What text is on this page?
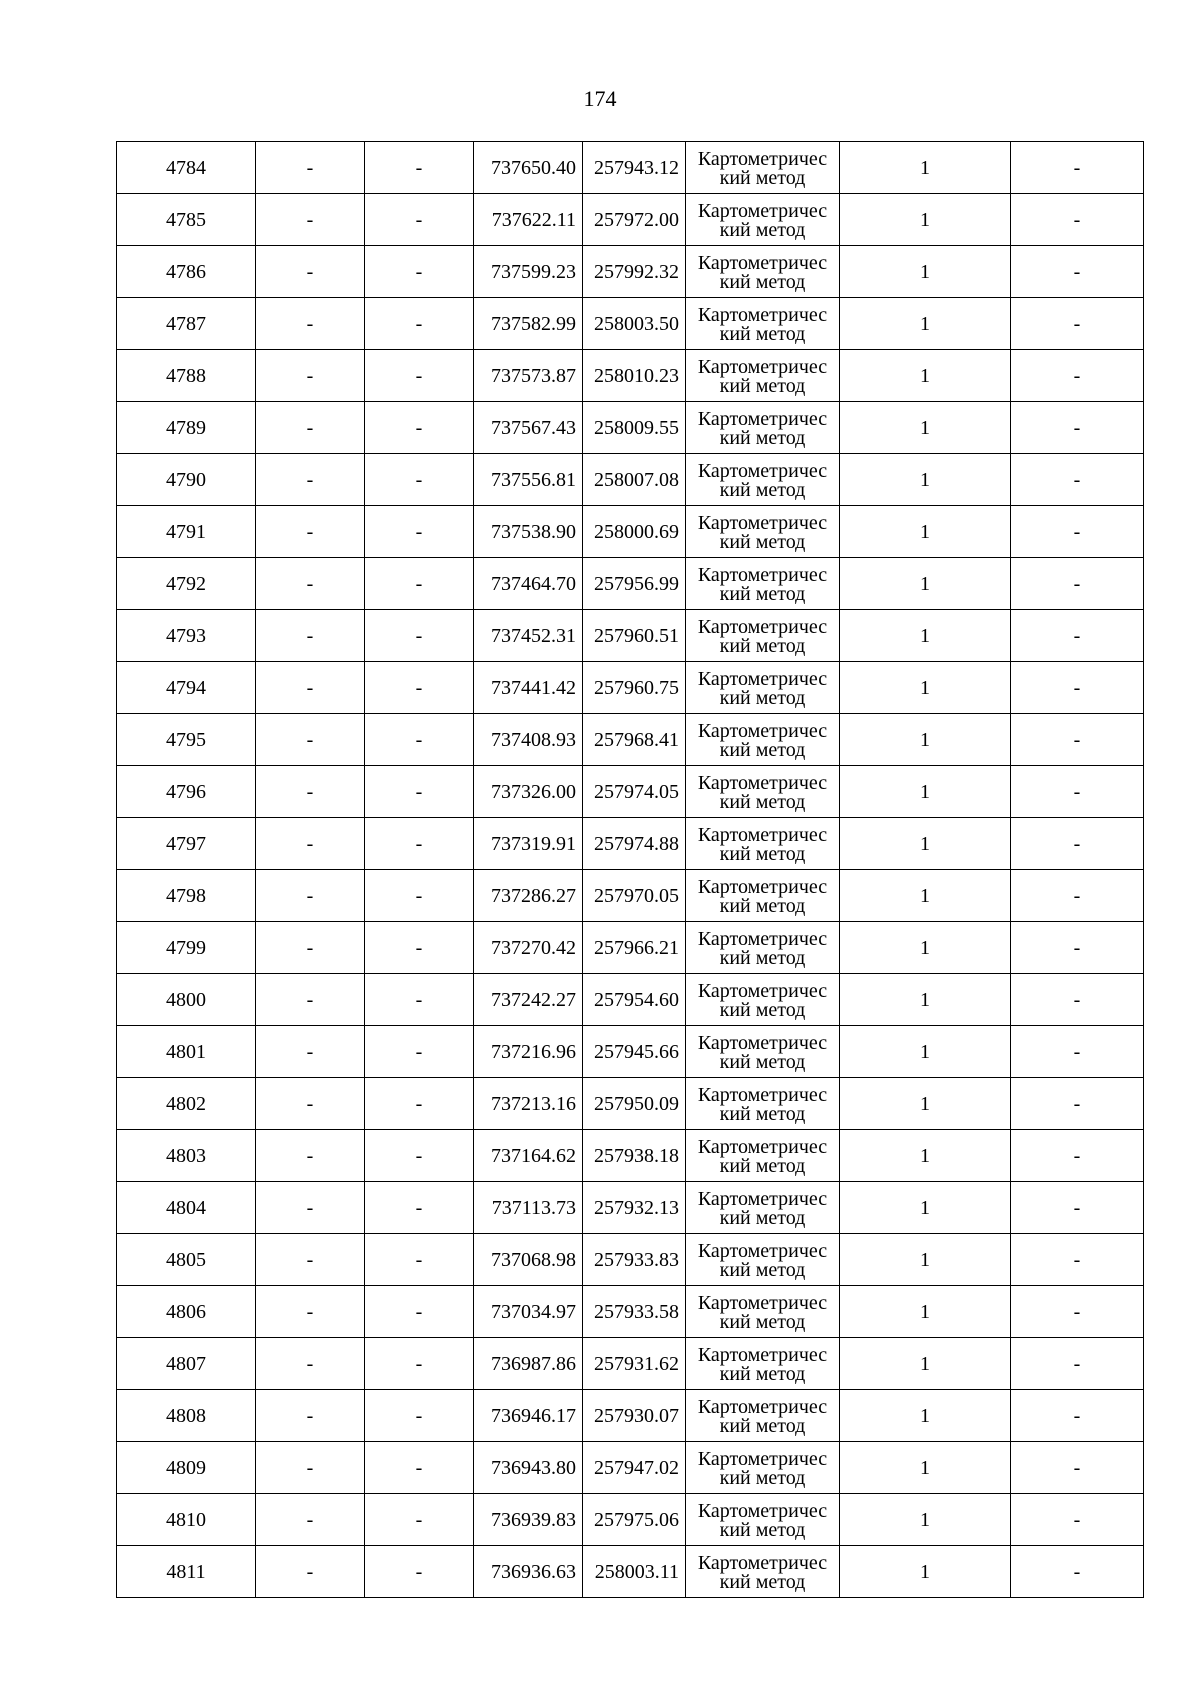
174
4784	-	-	737650.40	257943.12	Картометричес
кий метод	1	-
4785	-	-	737622.11	257972.00	Картометричес
кий метод	1	-
4786	-	-	737599.23	257992.32	Картометричес
кий метод	1	-
4787	-	-	737582.99	258003.50	Картометричес
кий метод	1	-
4788	-	-	737573.87	258010.23	Картометричес
кий метод	1	-
4789	-	-	737567.43	258009.55	Картометричес
кий метод	1	-
4790	-	-	737556.81	258007.08	Картометричес
кий метод	1	-
4791	-	-	737538.90	258000.69	Картометричес
кий метод	1	-
4792	-	-	737464.70	257956.99	Картометричес
кий метод	1	-
4793	-	-	737452.31	257960.51	Картометричес
кий метод	1	-
4794	-	-	737441.42	257960.75	Картометричес
кий метод	1	-
4795	-	-	737408.93	257968.41	Картометричес
кий метод	1	-
4796	-	-	737326.00	257974.05	Картометричес
кий метод	1	-
4797	-	-	737319.91	257974.88	Картометричес
кий метод	1	-
4798	-	-	737286.27	257970.05	Картометричес
кий метод	1	-
4799	-	-	737270.42	257966.21	Картометричес
кий метод	1	-
4800	-	-	737242.27	257954.60	Картометричес
кий метод	1	-
4801	-	-	737216.96	257945.66	Картометричес
кий метод	1	-
4802	-	-	737213.16	257950.09	Картометричес
кий метод	1	-
4803	-	-	737164.62	257938.18	Картометричес
кий метод	1	-
4804	-	-	737113.73	257932.13	Картометричес
кий метод	1	-
4805	-	-	737068.98	257933.83	Картометричес
кий метод	1	-
4806	-	-	737034.97	257933.58	Картометричес
кий метод	1	-
4807	-	-	736987.86	257931.62	Картометричес
кий метод	1	-
4808	-	-	736946.17	257930.07	Картометричес
кий метод	1	-
4809	-	-	736943.80	257947.02	Картометричес
кий метод	1	-
4810	-	-	736939.83	257975.06	Картометричес
кий метод	1	-
4811	-	-	736936.63	258003.11	Картометричес
кий метод	1	-
